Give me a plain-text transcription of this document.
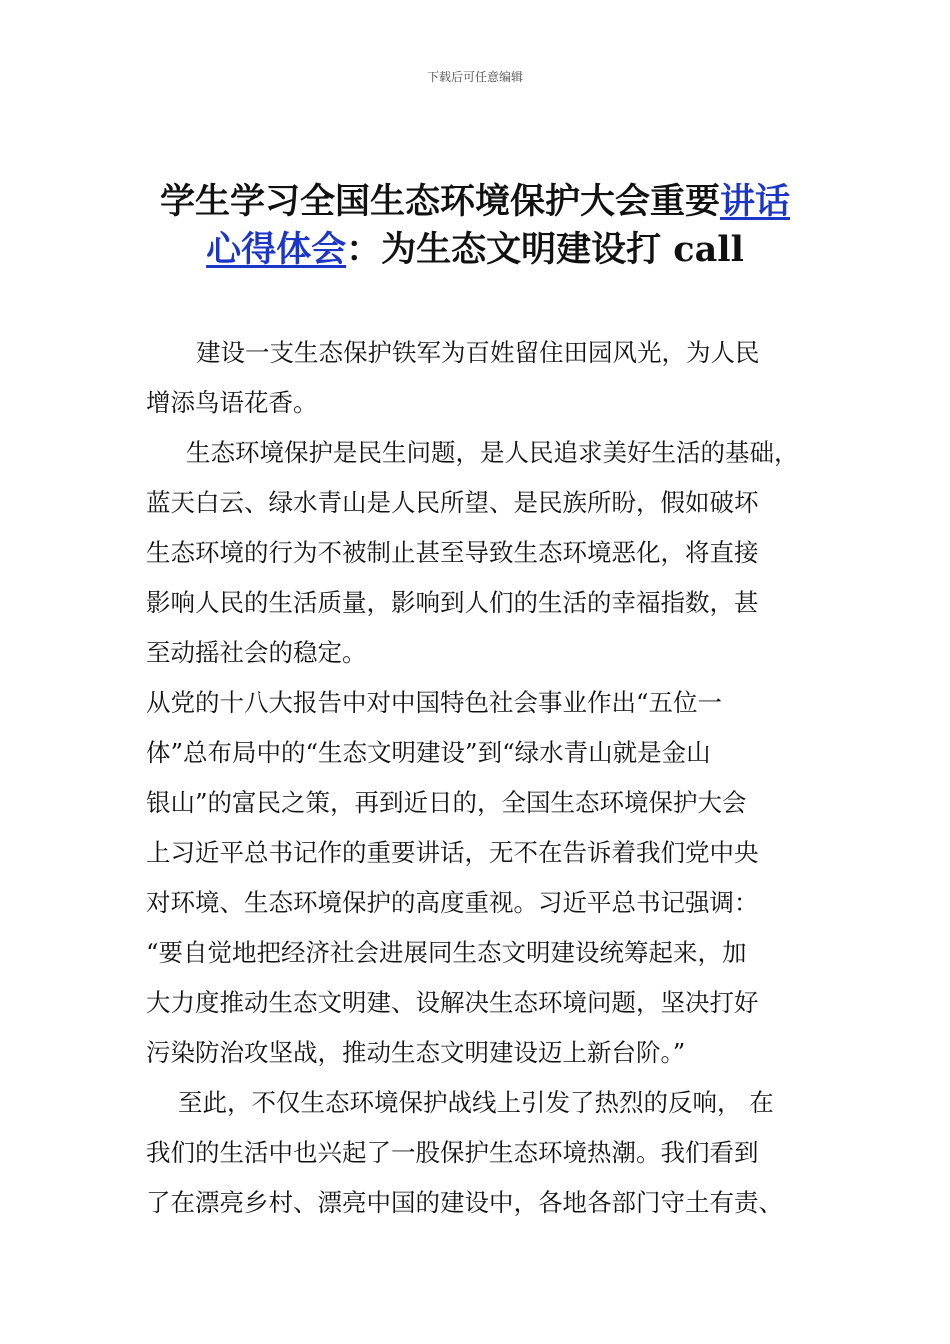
下载后可任意编辑
学生学习全国生态环境保护大会重要讲话
心得体会：为生态文明建设打 call
建设一支生态保护铁军为百姓留住田园风光，为人民
增添鸟语花香。
生态环境保护是民生问题，是人民追求美好生活的基础，
蓝天白云、绿水青山是人民所望、是民族所盼，假如破坏
生态环境的行为不被制止甚至导致生态环境恶化，将直接
影响人民的生活质量，影响到人们的生活的幸福指数，甚
至动摇社会的稳定。
从党的十八大报告中对中国特色社会事业作出“五位一
体”总布局中的“生态文明建设”到“绿水青山就是金山
银山”的富民之策，再到近日的，全国生态环境保护大会
上习近平总书记作的重要讲话，无不在告诉着我们党中央
对环境、生态环境保护的高度重视。习近平总书记强调：
“要自觉地把经济社会进展同生态文明建设统筹起来，加
大力度推动生态文明建、设解决生态环境问题，坚决打好
污染防治攻坚战，推动生态文明建设迈上新台阶。”
至此，不仅生态环境保护战线上引发了热烈的反响， 在
我们的生活中也兴起了一股保护生态环境热潮。我们看到
了在漂亮乡村、漂亮中国的建设中，各地各部门守土有责、
